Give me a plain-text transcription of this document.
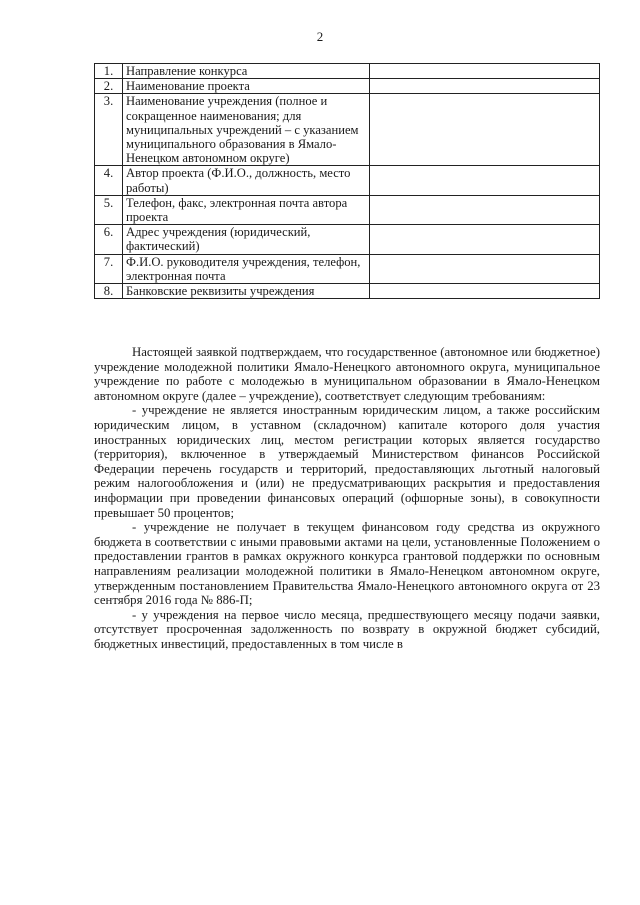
2
1.	Направление конкурса	
2.	Наименование проекта	
3.	Наименование учреждения (полное и сокращенное наименования; для муниципальных учреждений – с указанием муниципального образования в Ямало-Ненецком автономном округе)	
4.	Автор проекта (Ф.И.О., должность, место работы)	
5.	Телефон, факс, электронная почта автора проекта	
6.	Адрес учреждения (юридический, фактический)	
7.	Ф.И.О. руководителя учреждения, телефон, электронная почта	
8.	Банковские реквизиты учреждения	

Настоящей заявкой подтверждаем, что государственное (автономное или бюджетное) учреждение молодежной политики Ямало-Ненецкого автономного округа, муниципальное учреждение по работе с молодежью в муниципальном образовании в Ямало-Ненецком автономном округе (далее – учреждение), соответствует следующим требованиям:

- учреждение не является иностранным юридическим лицом, а также российским юридическим лицом, в уставном (складочном) капитале которого доля участия иностранных юридических лиц, местом регистрации которых является государство (территория), включенное в утверждаемый Министерством финансов Российской Федерации перечень государств и территорий, предоставляющих льготный налоговый режим налогообложения и (или) не предусматривающих раскрытия и предоставления информации при проведении финансовых операций (офшорные зоны), в совокупности превышает 50 процентов;

- учреждение не получает в текущем финансовом году средства из окружного бюджета в соответствии с иными правовыми актами на цели, установленные Положением о предоставлении грантов в рамках окружного конкурса грантовой поддержки по основным направлениям реализации молодежной политики в Ямало-Ненецком автономном округе, утвержденным постановлением Правительства Ямало-Ненецкого автономного округа от 23 сентября 2016 года № 886-П;

- у учреждения на первое число месяца, предшествующего месяцу подачи заявки, отсутствует просроченная задолженность по возврату в окружной бюджет субсидий, бюджетных инвестиций, предоставленных в том числе в
